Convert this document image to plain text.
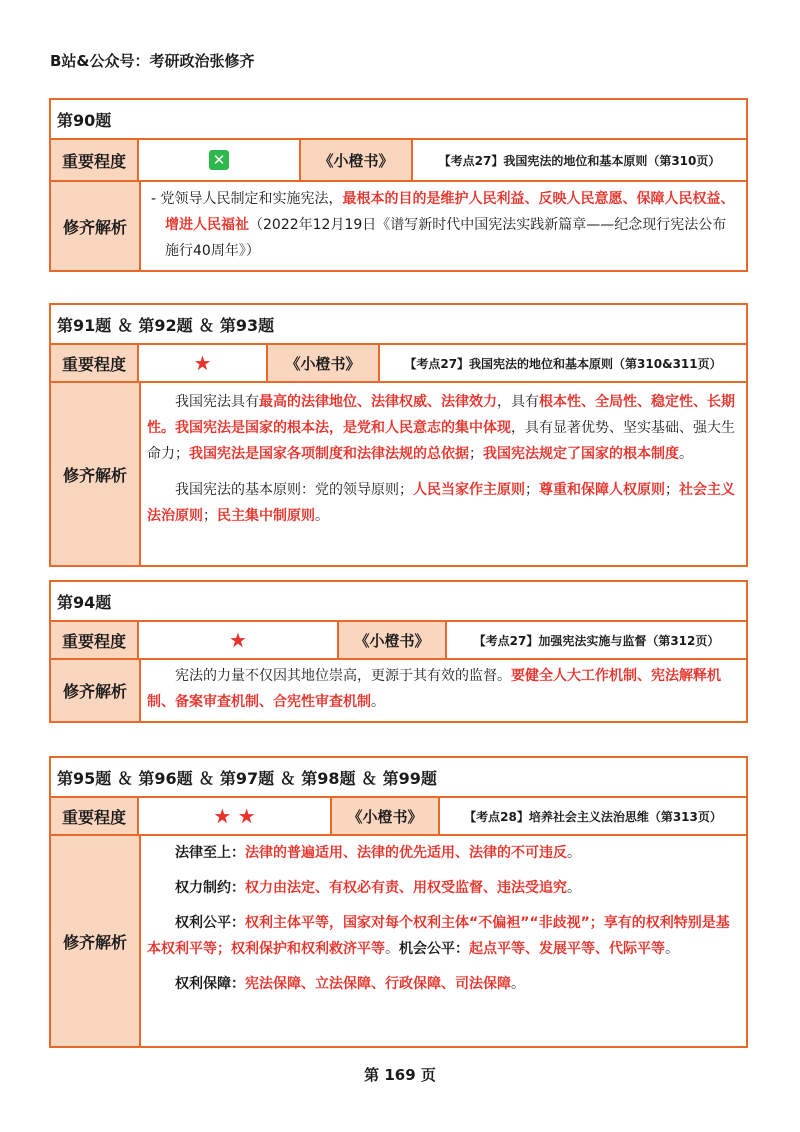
B站&公众号：考研政治张修齐
第90题
重要程度	✕	《小橙书》	【考点27】我国宪法的地位和基本原则（第310页）
修齐解析

- 党领导人民制定和实施宪法，最根本的目的是维护人民利益、反映人民意愿、保障人民权益、增进人民福祉（2022年12月19日《谱写新时代中国宪法实践新篇章——纪念现行宪法公布施行40周年》）

第91题 ＆ 第92题 ＆ 第93题
重要程度	★	《小橙书》	【考点27】我国宪法的地位和基本原则（第310&311页）
修齐解析

我国宪法具有最高的法律地位、法律权威、法律效力，具有根本性、全局性、稳定性、长期性。我国宪法是国家的根本法，是党和人民意志的集中体现，具有显著优势、坚实基础、强大生命力；我国宪法是国家各项制度和法律法规的总依据；我国宪法规定了国家的根本制度。

我国宪法的基本原则：党的领导原则；人民当家作主原则；尊重和保障人权原则；社会主义法治原则；民主集中制原则。

第94题
重要程度	★	《小橙书》	【考点27】加强宪法实施与监督（第312页）
修齐解析

宪法的力量不仅因其地位崇高，更源于其有效的监督。要健全人大工作机制、宪法解释机制、备案审查机制、合宪性审查机制。

第95题 ＆ 第96题 ＆ 第97题 ＆ 第98题 ＆ 第99题
重要程度	★ ★	《小橙书》	【考点28】培养社会主义法治思维（第313页）
修齐解析

法律至上：法律的普遍适用、法律的优先适用、法律的不可违反。

权力制约：权力由法定、有权必有责、用权受监督、违法受追究。

权利公平：权利主体平等，国家对每个权利主体“不偏袒”“非歧视”；享有的权利特别是基本权利平等；权利保护和权利救济平等。机会公平：起点平等、发展平等、代际平等。

权利保障：宪法保障、立法保障、行政保障、司法保障。

第 169 页
